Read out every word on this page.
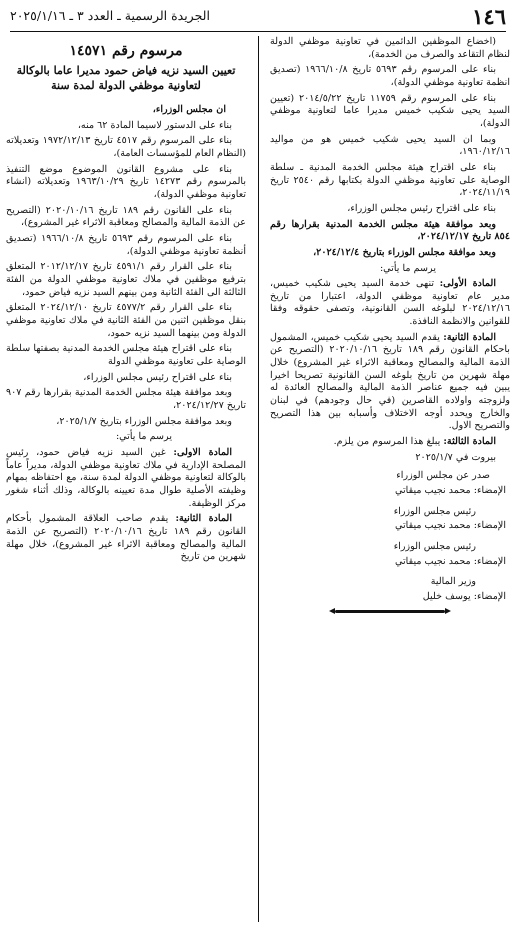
١٤٦
الجريدة الرسمية ـ العدد ٣ ـ ٢٠٢٥/١/١٦

(اخضاع الموظفين الدائمين في تعاونية موظفي الدولة لنظام التقاعد والصرف من الخدمة)،

بناء على المرسوم رقم ٥٦٩٣ تاريخ ١٩٦٦/١٠/٨ (تصديق انظمة تعاونية موظفي الدولة)،

بناء على المرسوم رقم ١١٧٥٩ تاريخ ٢٠١٤/٥/٢٢ (تعيين السيد يحيى شكيب خميس مديرا عاما لتعاونية موظفي الدولة)،

وبما ان السيد يحيى شكيب خميس هو من مواليد ١٩٦٠/١٢/١٦،

بناء على اقتراح هيئة مجلس الخدمة المدنية ـ سلطة الوصاية على تعاونية موظفي الدولة بكتابها رقم ٢٥٤٠ تاريخ ٢٠٢٤/١١/١٩،

بناء على اقتراح رئيس مجلس الوزراء،

وبعد موافقة هيئة مجلس الخدمة المدنية بقرارها رقم ٨٥٤ تاريخ ٢٠٢٤/١٢/١٧،

وبعد موافقة مجلس الوزراء بتاريخ ٢٠٢٤/١٢/٤،

يرسم ما يأتي:

المادة الأولى: تنهى خدمة السيد يحيى شكيب خميس، مدير عام تعاونية موظفي الدولة، اعتبارا من تاريخ ٢٠٢٤/١٢/١٦ لبلوغه السن القانونية، وتصفى حقوقه وفقا للقوانين والانظمة النافذة.

المادة الثانية: يقدم السيد يحيى شكيب خميس، المشمول باحكام القانون رقم ١٨٩ تاريخ ٢٠٢٠/١٠/١٦ (التصريح عن الذمة المالية والمصالح ومعاقبة الاثراء غير المشروع) خلال مهلة شهرين من تاريخ بلوغه السن القانونية تصريحا اخيرا يبين فيه جميع عناصر الذمة المالية والمصالح العائدة له ولزوجته واولاده القاصرين (في حال وجودهم) في لبنان والخارج ويحدد أوجه الاختلاف وأسبابه بين هذا التصريح والتصريح الاول.

المادة الثالثة: يبلغ هذا المرسوم من يلزم.

بيروت في ٢٠٢٥/١/٧

صدر عن مجلس الوزراء

الإمضاء: محمد نجيب ميقاتي

رئيس مجلس الوزراء

الإمضاء: محمد نجيب ميقاتي

رئيس مجلس الوزراء

الإمضاء: محمد نجيب ميقاتي

وزير المالية

الإمضاء: يوسف خليل

مرسوم رقم ١٤٥٧١
تعيين السيد نزيه فياض حمود مديرا عاما بالوكالة لتعاونية موظفي الدولة لمدة سنة

ان مجلس الوزراء،

بناء على الدستور لاسيما المادة ٦٢ منه،

بناء على المرسوم رقم ٤٥١٧ تاريخ ١٩٧٢/١٢/١٣ وتعديلاته (النظام العام للمؤسسات العامة)،

بناء على مشروع القانون الموضوع موضع التنفيذ بالمرسوم رقم ١٤٢٧٣ تاريخ ١٩٦٣/١٠/٢٩ وتعديلاته (انشاء تعاونية موظفي الدولة)،

بناء على القانون رقم ١٨٩ تاريخ ٢٠٢٠/١٠/١٦ (التصريح عن الذمة المالية والمصالح ومعاقبة الاثراء غير المشروع)،

بناء على المرسوم رقم ٥٦٩٣ تاريخ ١٩٦٦/١٠/٨ (تصديق أنظمة تعاونية موظفي الدولة)،

بناء على القرار رقم ٤٥٩١/١ تاريخ ٢٠١٢/١٢/١٧ المتعلق بترفيع موظفين في ملاك تعاونية موظفي الدولة من الفئة الثالثة الى الفئة الثانية ومن بينهم السيد نزيه فياض حمود،

بناء على القرار رقم ٤٥٧٧/٢ تاريخ ٢٠٢٤/١٢/١٠ المتعلق بنقل موظفين اثنين من الفئة الثانية في ملاك تعاونية موظفي الدولة ومن بينهما السيد نزيه حمود،

بناء على اقتراح هيئة مجلس الخدمة المدنية بصفتها سلطة الوصاية على تعاونية موظفي الدولة

بناء على اقتراح رئيس مجلس الوزراء،

وبعد موافقة هيئة مجلس الخدمة المدنية بقرارها رقم ٩٠٧ تاريخ ٢٠٢٤/١٢/٢٧،

وبعد موافقة مجلس الوزراء بتاريخ ٢٠٢٥/١/٧،

يرسم ما يأتي:

المادة الاولى: غين السيد نزيه فياض حمود، رئيس المصلحة الإدارية في ملاك تعاونية موظفي الدولة، مديراً عاماً بالوكالة لتعاونية موظفي الدولة لمدة سنة، مع احتفاظه بمهام وظيفته الأصلية طوال مدة تعيينه بالوكالة، وذلك أثناء شغور مركز الوظيفة.

المادة الثانية: يقدم صاحب العلاقة المشمول بأحكام القانون رقم ١٨٩ تاريخ ٢٠٢٠/١٠/١٦ (التصريح عن الذمة المالية والمصالح ومعاقبة الاثراء غير المشروع)، خلال مهلة شهرين من تاريخ
